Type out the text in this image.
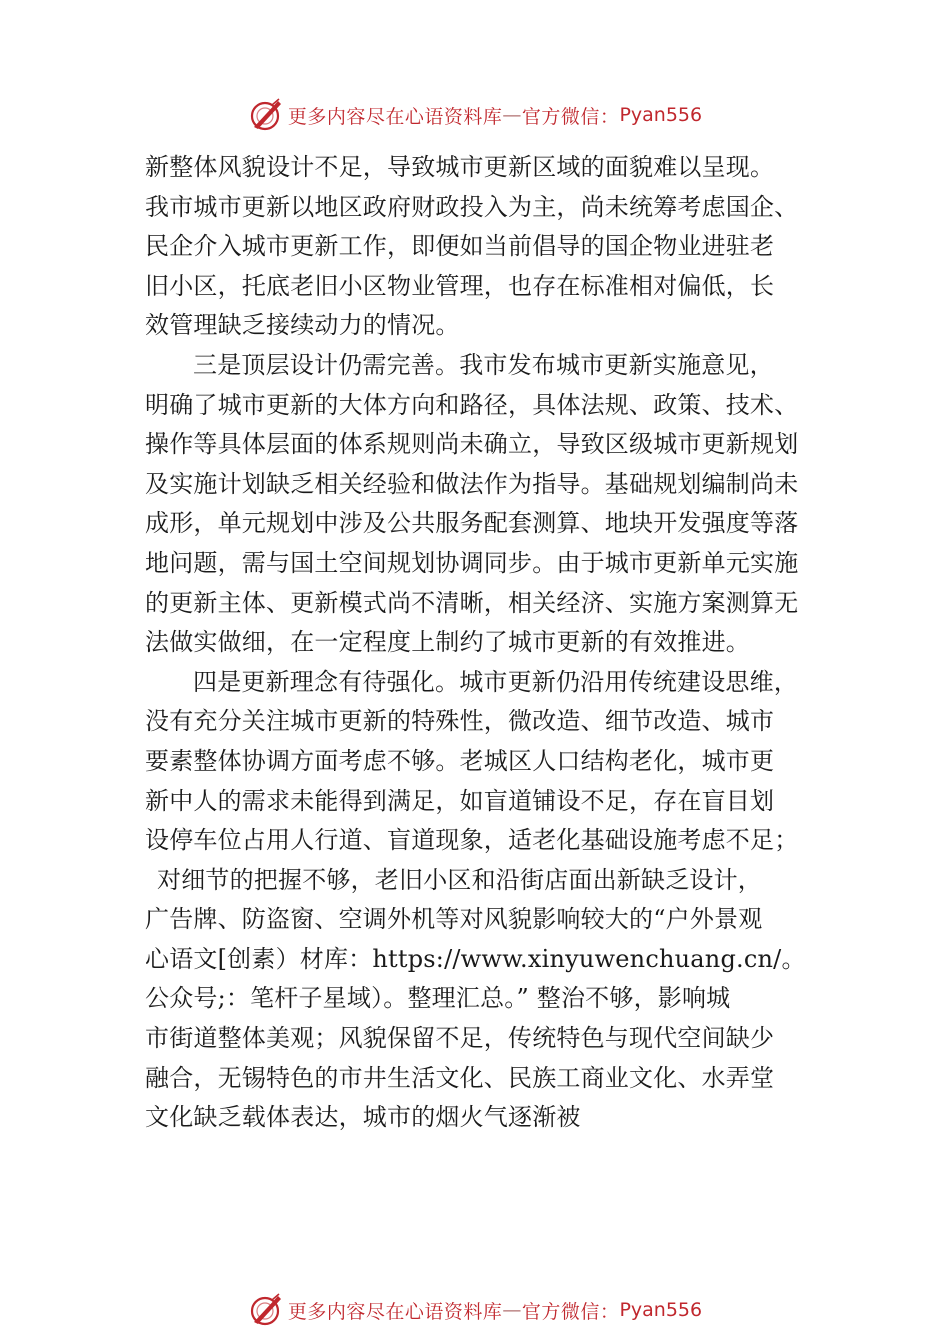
更多内容尽在心语资料库 — 官方微信： Pyan556
新整体风貌设计不足，导致城市更新区域的面貌难以呈现。
我市城市更新以地区政府财政投入为主，尚未统筹考虑国企、
民企介入城市更新工作，即便如当前倡导的国企物业进驻老
旧小区，托底老旧小区物业管理，也存在标准相对偏低，长
效管理缺乏接续动力的情况。
三是顶层设计仍需完善。我市发布城市更新实施意见，
明确了城市更新的大体方向和路径，具体法规、政策、技术、
操作等具体层面的体系规则尚未确立，导致区级城市更新规划
及实施计划缺乏相关经验和做法作为指导。基础规划编制尚未
成形，单元规划中涉及公共服务配套测算、地块开发强度等落
地问题，需与国土空间规划协调同步。由于城市更新单元实施
的更新主体、更新模式尚不清晰，相关经济、实施方案测算无
法做实做细，在一定程度上制约了城市更新的有效推进。
四是更新理念有待强化。城市更新仍沿用传统建设思维，
没有充分关注城市更新的特殊性，微改造、细节改造、城市
要素整体协调方面考虑不够。老城区人口结构老化，城市更
新中人的需求未能得到满足，如盲道铺设不足，存在盲目划
设停车位占用人行道、盲道现象，适老化基础设施考虑不足；
对细节的把握不够，老旧小区和沿街店面出新缺乏设计，
广告牌、防盗窗、空调外机等对风貌影响较大的“户外景观
心语文[创素）材库：https://www.xinyuwenchuang.cn/。
公众号;：笔杆子星域）。整理汇总。” 整治不够，影响城
市街道整体美观；风貌保留不足，传统特色与现代空间缺少
融合，无锡特色的市井生活文化、民族工商业文化、水弄堂
文化缺乏载体表达，城市的烟火气逐渐被
更多内容尽在心语资料库 — 官方微信： Pyan556
